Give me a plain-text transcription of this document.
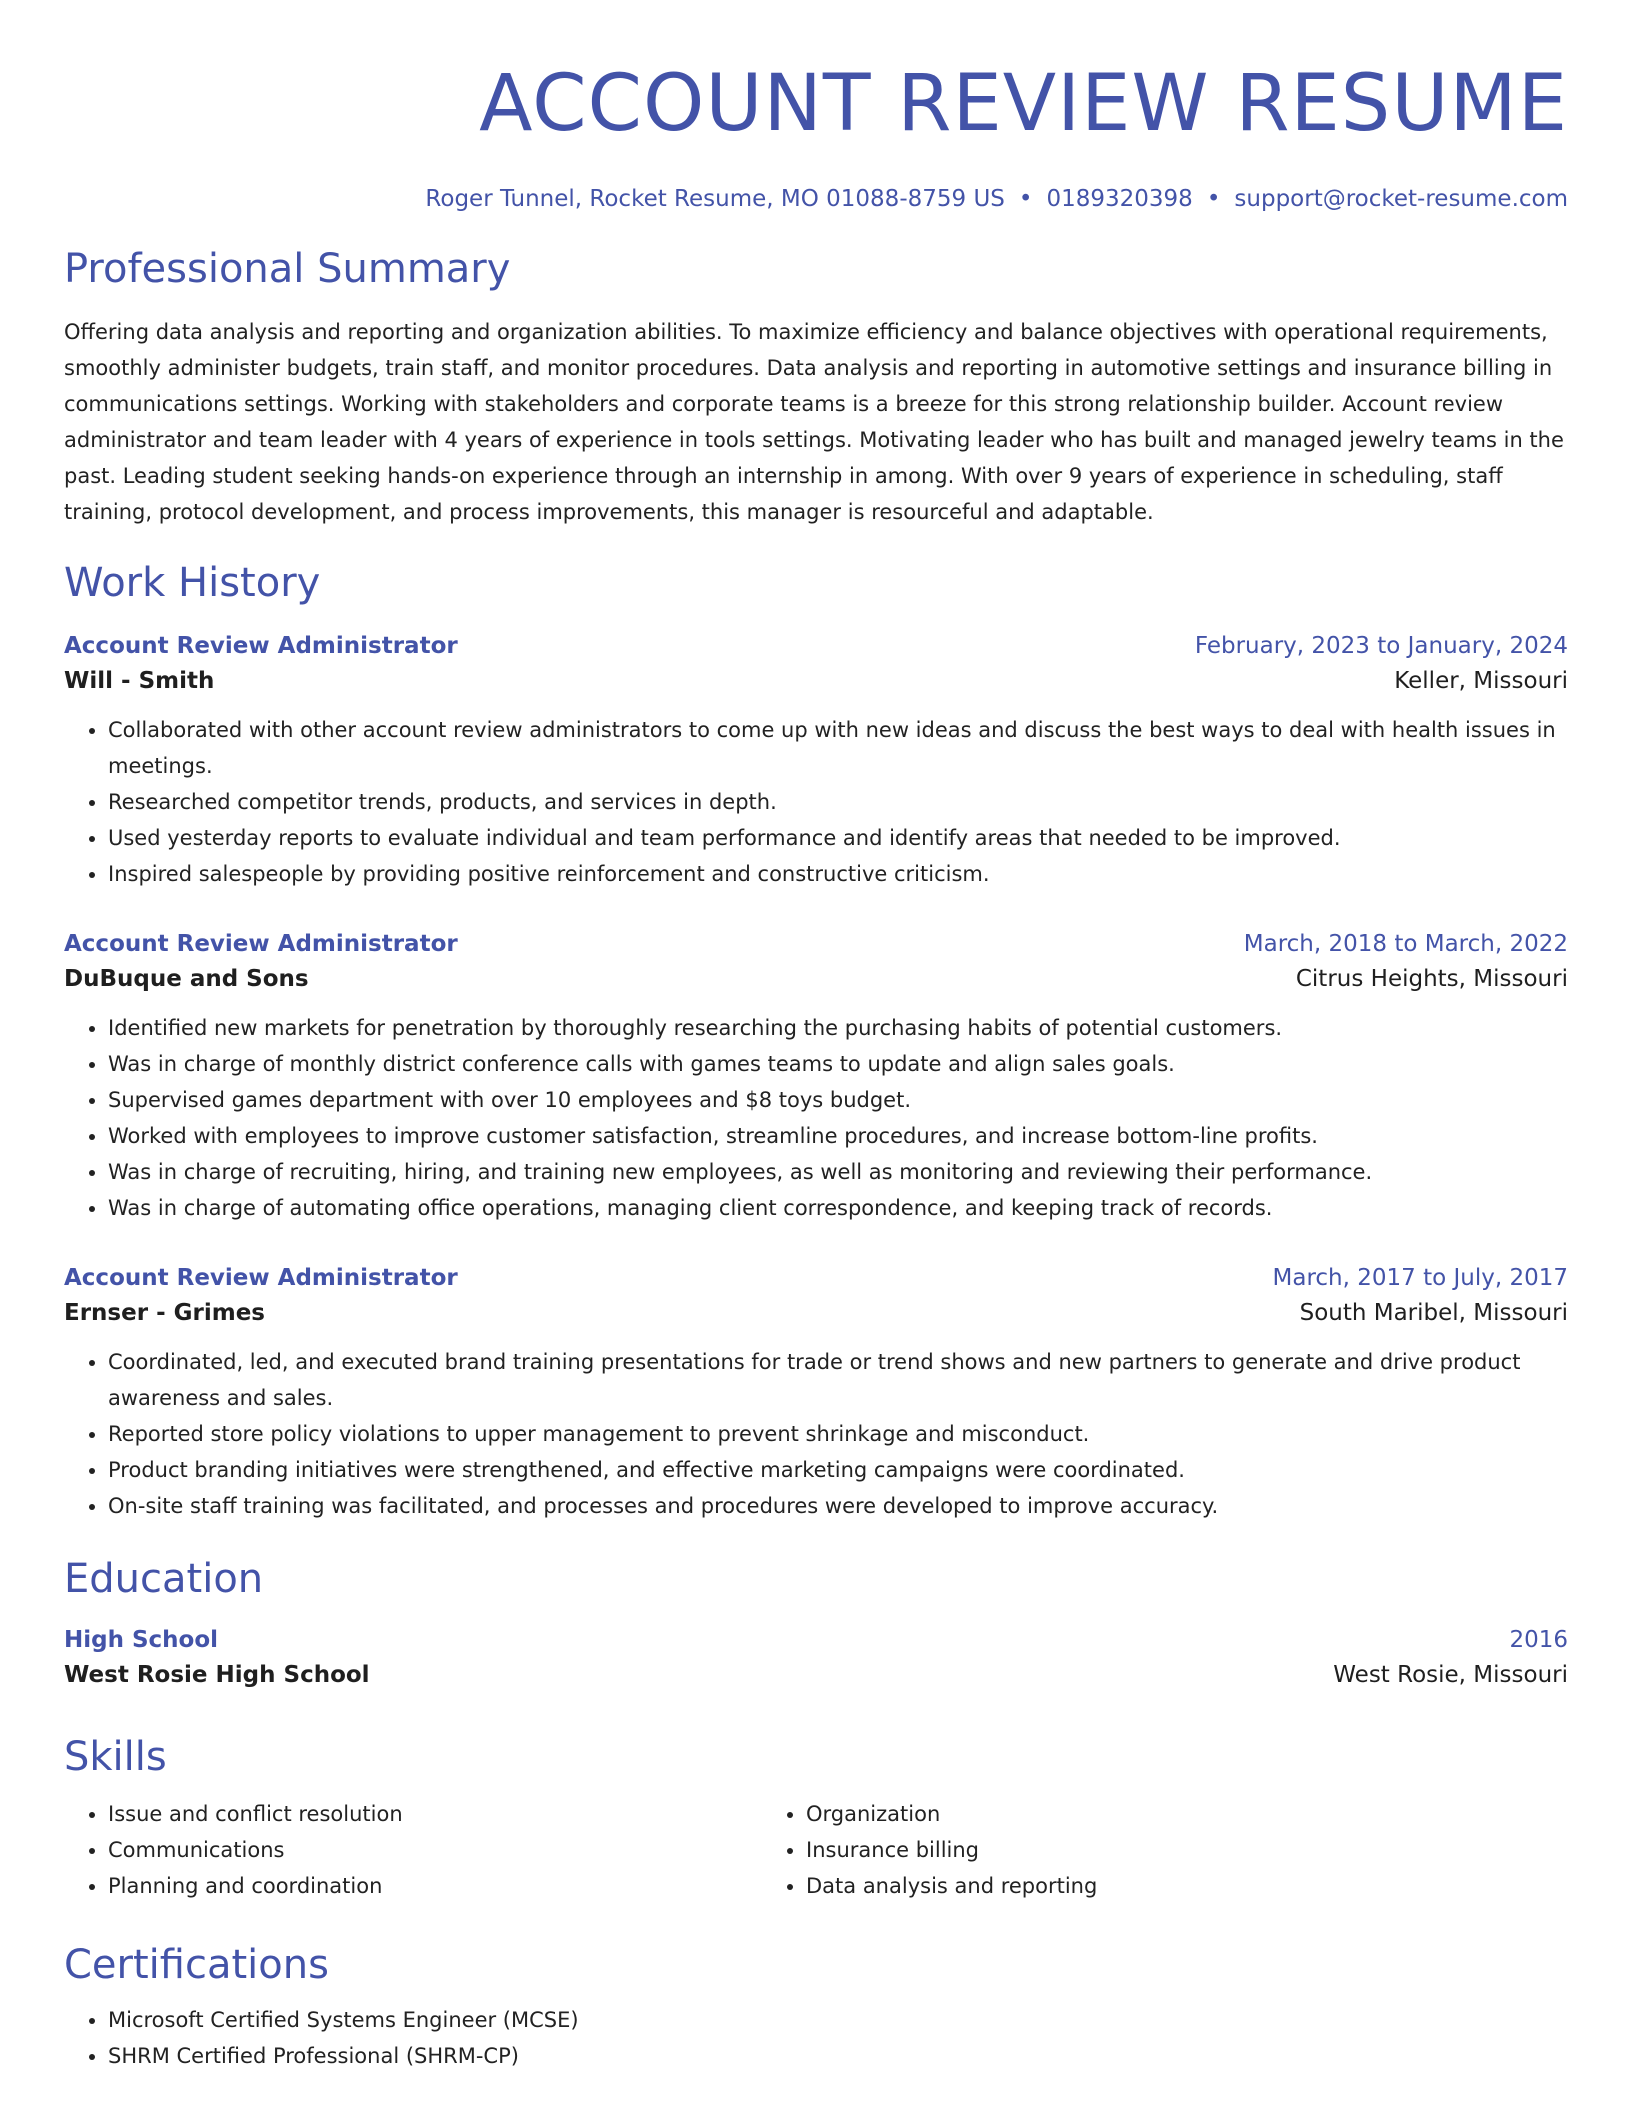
ACCOUNT REVIEW RESUME
Roger Tunnel, Rocket Resume, MO 01088-8759 US • 0189320398 • support@rocket-resume.com
Professional Summary

Offering data analysis and reporting and organization abilities. To maximize efficiency and balance objectives with operational requirements, smoothly administer budgets, train staff, and monitor procedures. Data analysis and reporting in automotive settings and insurance billing in communications settings. Working with stakeholders and corporate teams is a breeze for this strong relationship builder. Account review administrator and team leader with 4 years of experience in tools settings. Motivating leader who has built and managed jewelry teams in the past. Leading student seeking hands-on experience through an internship in among. With over 9 years of experience in scheduling, staff training, protocol development, and process improvements, this manager is resourceful and adaptable.

Work History
Account Review Administrator	February, 2023 to January, 2024
Will - Smith	Keller, Missouri
• Collaborated with other account review administrators to come up with new ideas and discuss the best ways to deal with health issues in meetings.
• Researched competitor trends, products, and services in depth.
• Used yesterday reports to evaluate individual and team performance and identify areas that needed to be improved.
• Inspired salespeople by providing positive reinforcement and constructive criticism.
Account Review Administrator	March, 2018 to March, 2022
DuBuque and Sons	Citrus Heights, Missouri
• Identified new markets for penetration by thoroughly researching the purchasing habits of potential customers.
• Was in charge of monthly district conference calls with games teams to update and align sales goals.
• Supervised games department with over 10 employees and $8 toys budget.
• Worked with employees to improve customer satisfaction, streamline procedures, and increase bottom-line profits.
• Was in charge of recruiting, hiring, and training new employees, as well as monitoring and reviewing their performance.
• Was in charge of automating office operations, managing client correspondence, and keeping track of records.
Account Review Administrator	March, 2017 to July, 2017
Ernser - Grimes	South Maribel, Missouri
• Coordinated, led, and executed brand training presentations for trade or trend shows and new partners to generate and drive product awareness and sales.
• Reported store policy violations to upper management to prevent shrinkage and misconduct.
• Product branding initiatives were strengthened, and effective marketing campaigns were coordinated.
• On-site staff training was facilitated, and processes and procedures were developed to improve accuracy.
Education
High School	2016
West Rosie High School	West Rosie, Missouri
Skills
• Issue and conflict resolution
• Communications
• Planning and coordination
• Organization
• Insurance billing
• Data analysis and reporting
Certifications
• Microsoft Certified Systems Engineer (MCSE)
• SHRM Certified Professional (SHRM-CP)
